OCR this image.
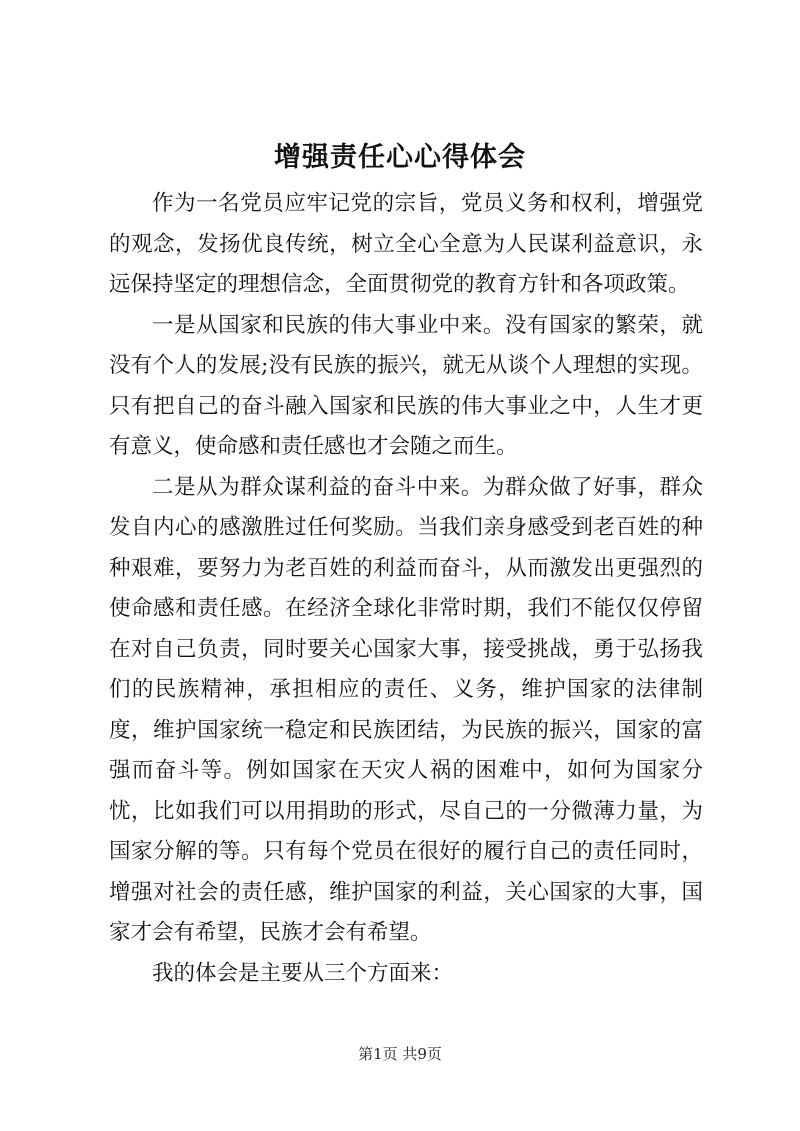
增强责任心心得体会

作为一名党员应牢记党的宗旨，党员义务和权利，增强党的观念，发扬优良传统，树立全心全意为人民谋利益意识，永远保持坚定的理想信念，全面贯彻党的教育方针和各项政策。

一是从国家和民族的伟大事业中来。没有国家的繁荣，就没有个人的发展;没有民族的振兴，就无从谈个人理想的实现。只有把自己的奋斗融入国家和民族的伟大事业之中，人生才更有意义，使命感和责任感也才会随之而生。

二是从为群众谋利益的奋斗中来。为群众做了好事，群众发自内心的感激胜过任何奖励。当我们亲身感受到老百姓的种种艰难，要努力为老百姓的利益而奋斗，从而激发出更强烈的使命感和责任感。在经济全球化非常时期，我们不能仅仅停留在对自己负责，同时要关心国家大事，接受挑战，勇于弘扬我们的民族精神，承担相应的责任、义务，维护国家的法律制度，维护国家统一稳定和民族团结，为民族的振兴，国家的富强而奋斗等。例如国家在天灾人祸的困难中，如何为国家分忧，比如我们可以用捐助的形式，尽自己的一分微薄力量，为国家分解的等。只有每个党员在很好的履行自己的责任同时，增强对社会的责任感，维护国家的利益，关心国家的大事，国家才会有希望，民族才会有希望。

我的体会是主要从三个方面来：

第1页 共9页
